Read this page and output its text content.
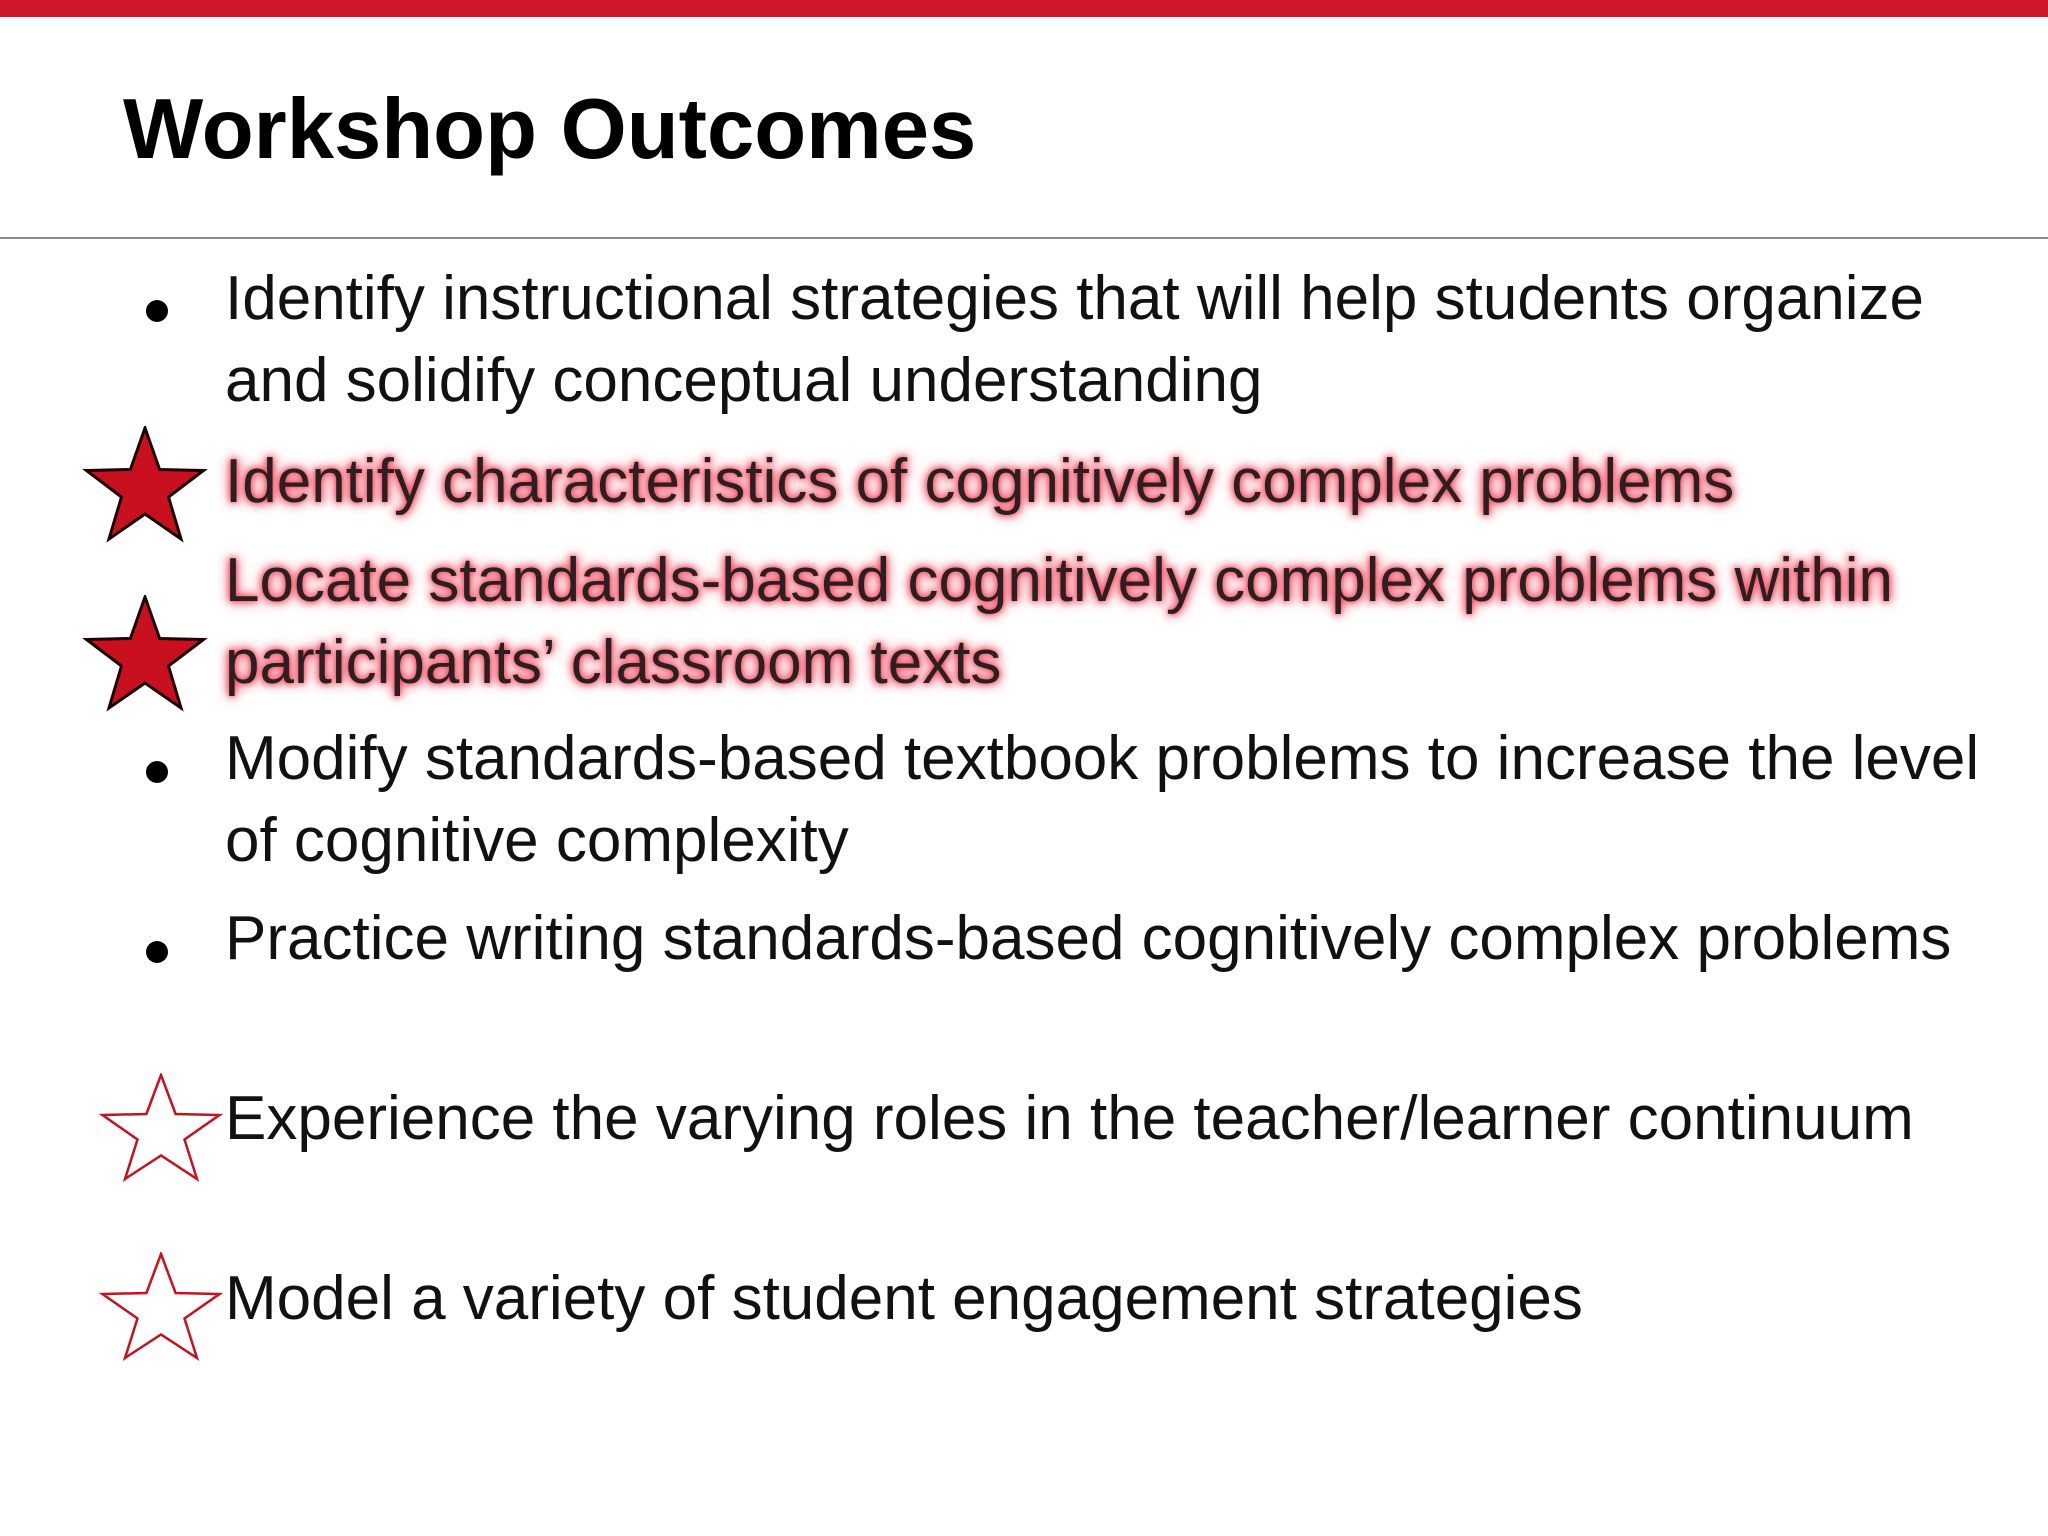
Workshop Outcomes
Identify instructional strategies that will help students organize and solidify conceptual understanding
Identify characteristics of cognitively complex problems
Locate standards-based cognitively complex problems within participants’ classroom texts
Modify standards-based textbook problems to increase the level of cognitive complexity
Practice writing standards-based cognitively complex problems
Experience the varying roles in the teacher/learner continuum
Model a variety of student engagement strategies
